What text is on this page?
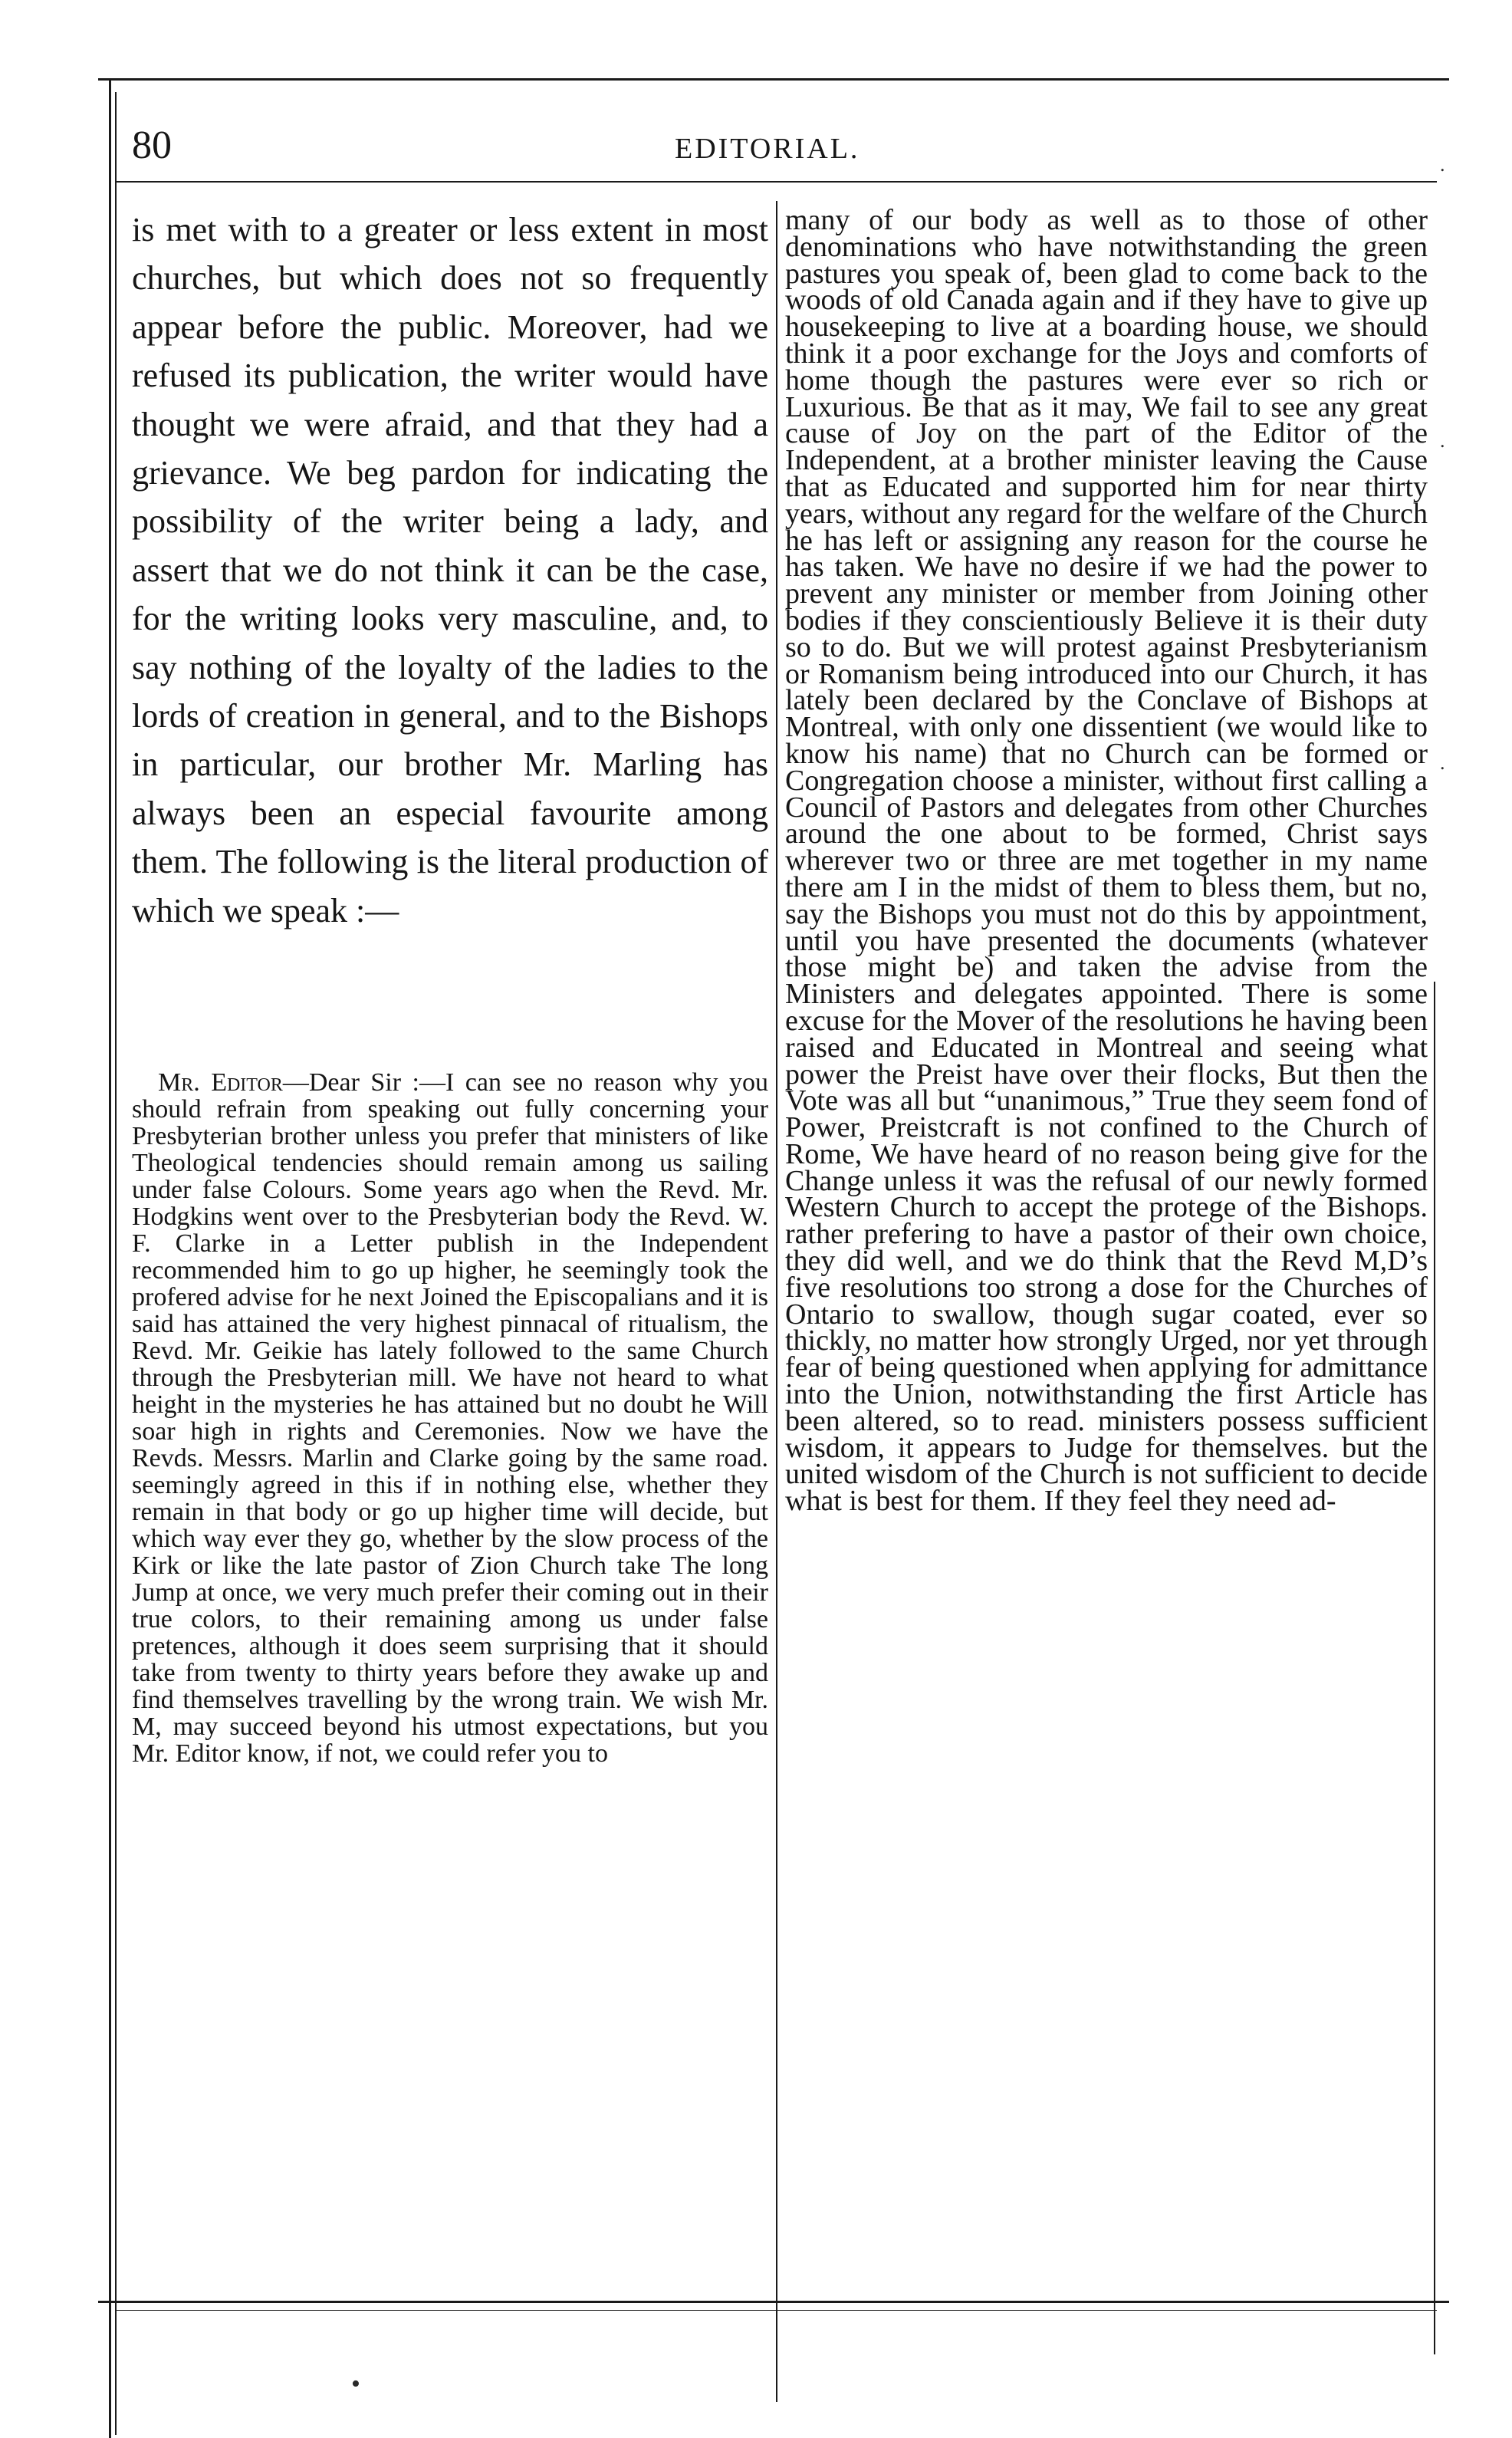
.
.
.
•
80	EDITORIAL.

is met with to a greater or less extent in most churches, but which does not so frequently appear before the public. Moreover, had we refused its publication, the writer would have thought we were afraid, and that they had a grievance. We beg pardon for indicating the possibility of the writer being a lady, and assert that we do not think it can be the case, for the writing looks very masculine, and, to say nothing of the loyalty of the ladies to the lords of creation in general, and to the Bishops in particular, our brother Mr. Marling has always been an especial favourite among them. The following is the literal production of which we speak :—

Mr. Editor—Dear Sir :—I can see no reason why you should refrain from speaking out fully concerning your Presbyterian brother unless you prefer that ministers of like Theological tendencies should remain among us sailing under false Colours. Some years ago when the Revd. Mr. Hodgkins went over to the Presbyterian body the Revd. W. F. Clarke in a Letter publish in the Independent recommended him to go up higher, he seemingly took the profered advise for he next Joined the Episcopalians and it is said has attained the very highest pinnacal of ritualism, the Revd. Mr. Geikie has lately followed to the same Church through the Presbyterian mill. We have not heard to what height in the mysteries he has attained but no doubt he Will soar high in rights and Ceremonies. Now we have the Revds. Messrs. Marlin and Clarke going by the same road. seemingly agreed in this if in nothing else, whether they remain in that body or go up higher time will decide, but which way ever they go, whether by the slow process of the Kirk or like the late pastor of Zion Church take The long Jump at once, we very much prefer their coming out in their true colors, to their remaining among us under false pretences, although it does seem surprising that it should take from twenty to thirty years before they awake up and find themselves travelling by the wrong train. We wish Mr. M, may succeed beyond his utmost expectations, but you Mr. Editor know, if not, we could refer you to

many of our body as well as to those of other denominations who have notwithstanding the green pastures you speak of, been glad to come back to the woods of old Canada again and if they have to give up housekeeping to live at a boarding house, we should think it a poor exchange for the Joys and comforts of home though the pastures were ever so rich or Luxurious. Be that as it may, We fail to see any great cause of Joy on the part of the Editor of the Independent, at a brother minister leaving the Cause that as Educated and supported him for near thirty years, without any regard for the welfare of the Church he has left or assigning any reason for the course he has taken. We have no desire if we had the power to prevent any minister or member from Joining other bodies if they conscientiously Believe it is their duty so to do. But we will protest against Presbyterianism or Romanism being introduced into our Church, it has lately been declared by the Conclave of Bishops at Montreal, with only one dissentient (we would like to know his name) that no Church can be formed or Congregation choose a minister, without first calling a Council of Pastors and delegates from other Churches around the one about to be formed, Christ says wherever two or three are met together in my name there am I in the midst of them to bless them, but no, say the Bishops you must not do this by appointment, until you have presented the documents (whatever those might be) and taken the advise from the Ministers and delegates appointed. There is some excuse for the Mover of the resolutions he having been raised and Educated in Montreal and seeing what power the Preist have over their flocks, But then the Vote was all but “unanimous,” True they seem fond of Power, Preistcraft is not confined to the Church of Rome, We have heard of no reason being give for the Change unless it was the refusal of our newly formed Western Church to accept the protege of the Bishops. rather prefering to have a pastor of their own choice, they did well, and we do think that the Revd M,D’s five resolutions too strong a dose for the Churches of Ontario to swallow, though sugar coated, ever so thickly, no matter how strongly Urged, nor yet through fear of being questioned when applying for admittance into the Union, notwithstanding the first Article has been altered, so to read. ministers possess sufficient wisdom, it appears to Judge for themselves. but the united wisdom of the Church is not sufficient to decide what is best for them. If they feel they need ad-
